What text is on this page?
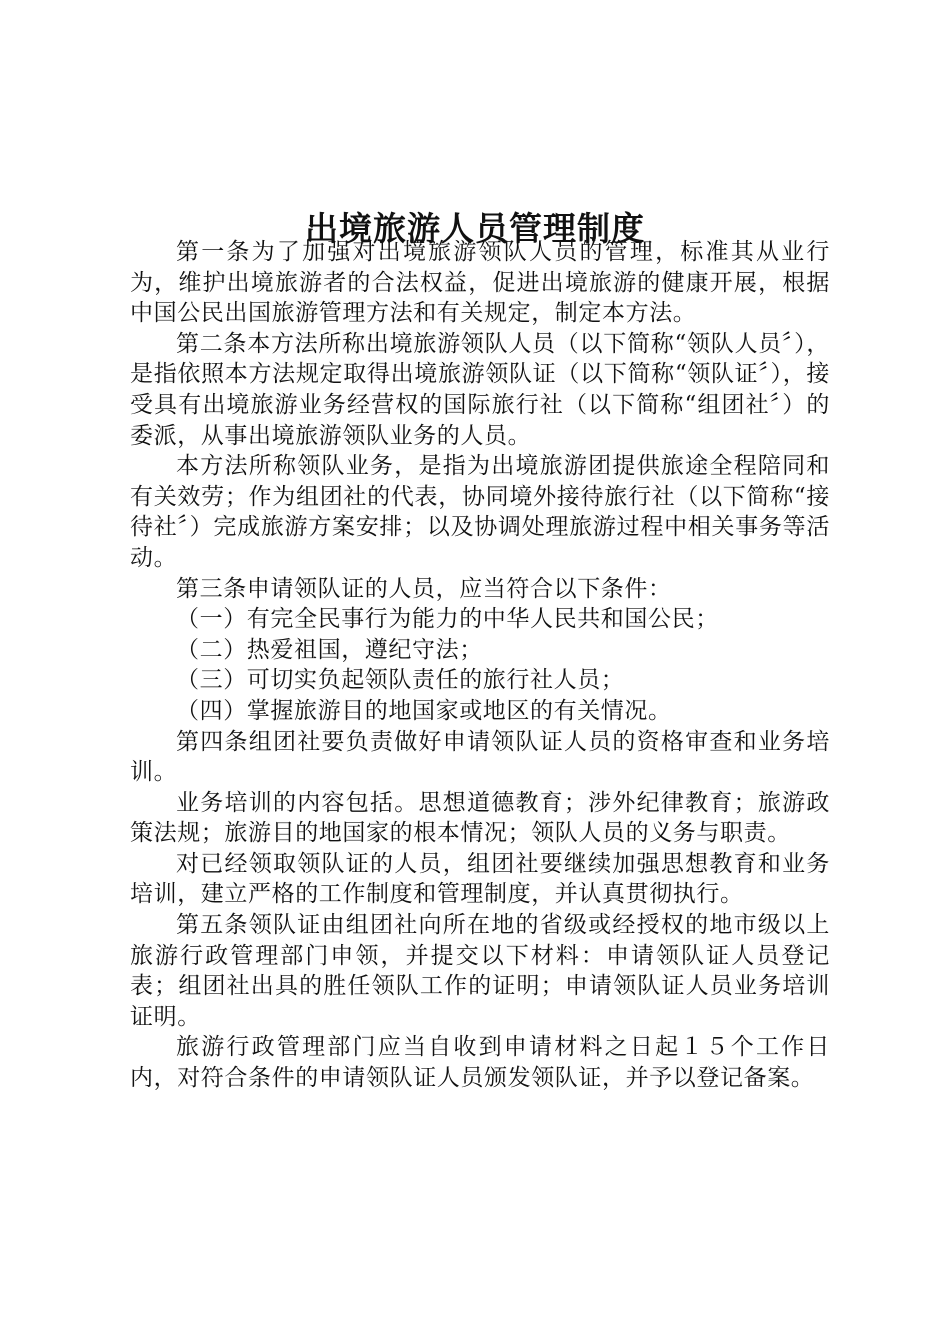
出境旅游人员管理制度

第一条为了加强对出境旅游领队人员的管理，标准其从业行为，维护出境旅游者的合法权益，促进出境旅游的健康开展，根据中国公民出国旅游管理方法和有关规定，制定本方法。

第二条本方法所称出境旅游领队人员（以下简称“领队人员〞），是指依照本方法规定取得出境旅游领队证（以下简称“领队证〞），接受具有出境旅游业务经营权的国际旅行社（以下简称“组团社〞）的委派，从事出境旅游领队业务的人员。

本方法所称领队业务，是指为出境旅游团提供旅途全程陪同和有关效劳；作为组团社的代表，协同境外接待旅行社（以下简称“接待社〞）完成旅游方案安排；以及协调处理旅游过程中相关事务等活动。

第三条申请领队证的人员，应当符合以下条件：

（一）有完全民事行为能力的中华人民共和国公民；

（二）热爱祖国，遵纪守法；

（三）可切实负起领队责任的旅行社人员；

（四）掌握旅游目的地国家或地区的有关情况。

第四条组团社要负责做好申请领队证人员的资格审查和业务培训。

业务培训的内容包括。思想道德教育；涉外纪律教育；旅游政策法规；旅游目的地国家的根本情况；领队人员的义务与职责。

对已经领取领队证的人员，组团社要继续加强思想教育和业务培训，建立严格的工作制度和管理制度，并认真贯彻执行。

第五条领队证由组团社向所在地的省级或经授权的地市级以上旅游行政管理部门申领，并提交以下材料：申请领队证人员登记表；组团社出具的胜任领队工作的证明；申请领队证人员业务培训证明。

旅游行政管理部门应当自收到申请材料之日起１５个工作日内，对符合条件的申请领队证人员颁发领队证，并予以登记备案。
